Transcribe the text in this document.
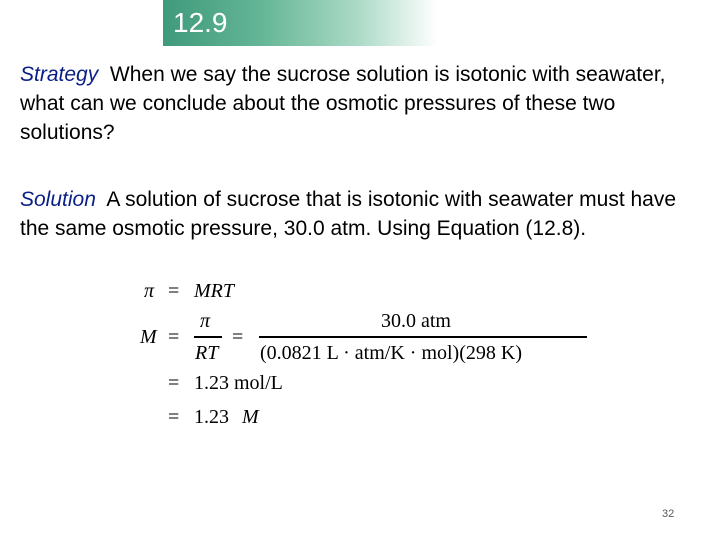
12.9
Strategy When we say the sucrose solution is isotonic with seawater, what can we conclude about the osmotic pressures of these two solutions?
Solution A solution of sucrose that is isotonic with seawater must have the same osmotic pressure, 30.0 atm. Using Equation (12.8).
π = MRT
M =
π
RT
=
30.0 atm
(0.0821 L · atm/K · mol)(298 K)
= 1.23 mol/L
= 1.23 M
32
